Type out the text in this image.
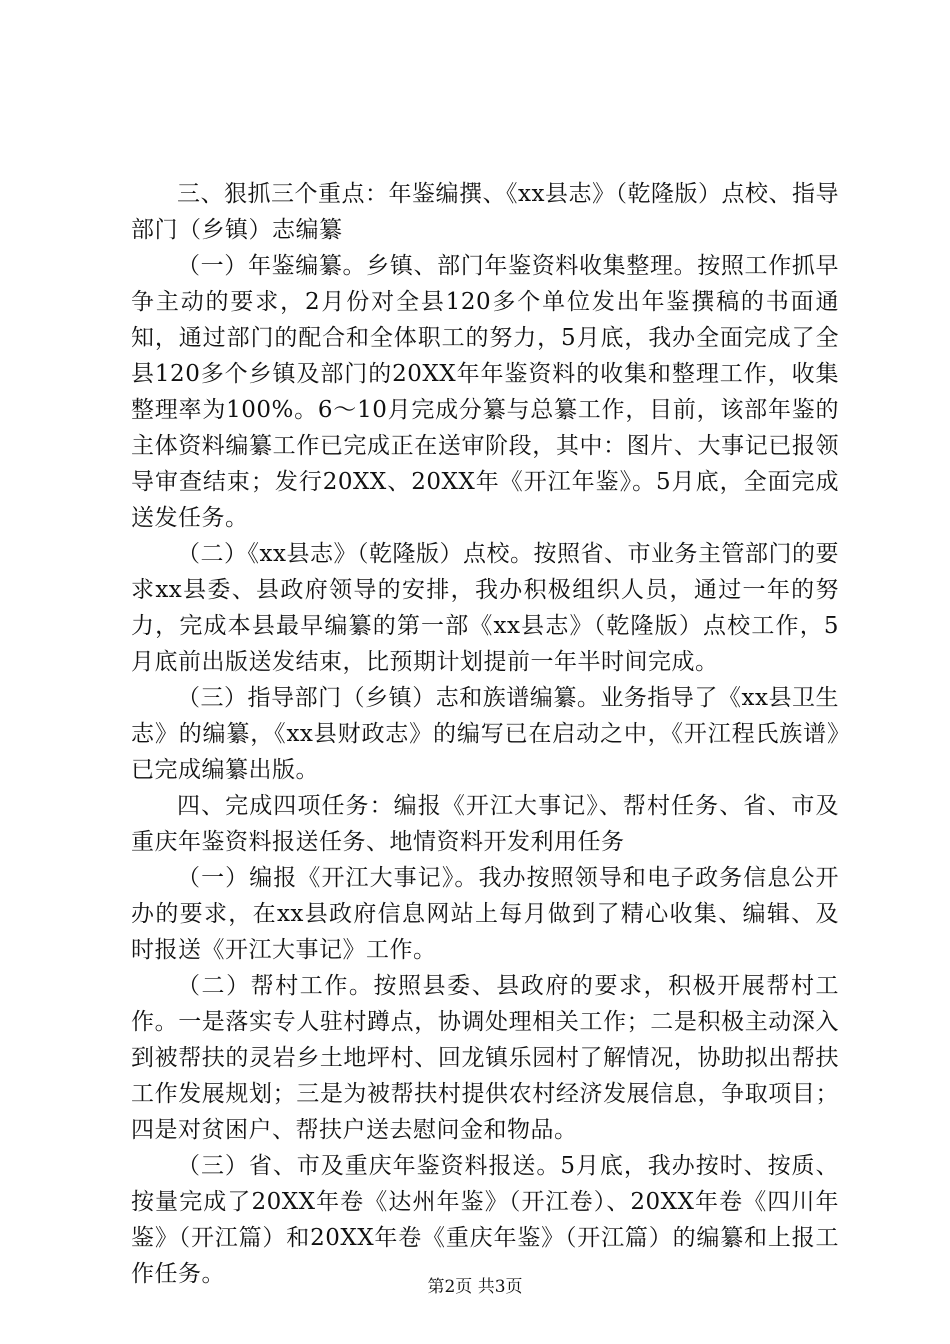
三、狠抓三个重点：年鉴编撰、《xx县志》（乾隆版）点校、指导部门（乡镇）志编纂

（一）年鉴编纂。乡镇、部门年鉴资料收集整理。按照工作抓早争主动的要求，2月份对全县120多个单位发出年鉴撰稿的书面通知，通过部门的配合和全体职工的努力，5月底，我办全面完成了全县120多个乡镇及部门的20XX年年鉴资料的收集和整理工作，收集整理率为100%。6～10月完成分纂与总纂工作，目前，该部年鉴的主体资料编纂工作已完成正在送审阶段，其中：图片、大事记已报领导审查结束；发行20XX、20XX年《开江年鉴》。5月底，全面完成送发任务。

（二）《xx县志》（乾隆版）点校。按照省、市业务主管部门的要求xx县委、县政府领导的安排，我办积极组织人员，通过一年的努力，完成本县最早编纂的第一部《xx县志》（乾隆版）点校工作，5月底前出版送发结束，比预期计划提前一年半时间完成。

（三）指导部门（乡镇）志和族谱编纂。业务指导了《xx县卫生志》的编纂，《xx县财政志》的编写已在启动之中，《开江程氏族谱》已完成编纂出版。

四、完成四项任务：编报《开江大事记》、帮村任务、省、市及重庆年鉴资料报送任务、地情资料开发利用任务

（一）编报《开江大事记》。我办按照领导和电子政务信息公开办的要求，在xx县政府信息网站上每月做到了精心收集、编辑、及时报送《开江大事记》工作。

（二）帮村工作。按照县委、县政府的要求，积极开展帮村工作。一是落实专人驻村蹲点，协调处理相关工作；二是积极主动深入到被帮扶的灵岩乡土地坪村、回龙镇乐园村了解情况，协助拟出帮扶工作发展规划；三是为被帮扶村提供农村经济发展信息，争取项目；四是对贫困户、帮扶户送去慰问金和物品。

（三）省、市及重庆年鉴资料报送。5月底，我办按时、按质、按量完成了20XX年卷《达州年鉴》（开江卷）、20XX年卷《四川年鉴》（开江篇）和20XX年卷《重庆年鉴》（开江篇）的编纂和上报工作任务。	第2页 共3页
